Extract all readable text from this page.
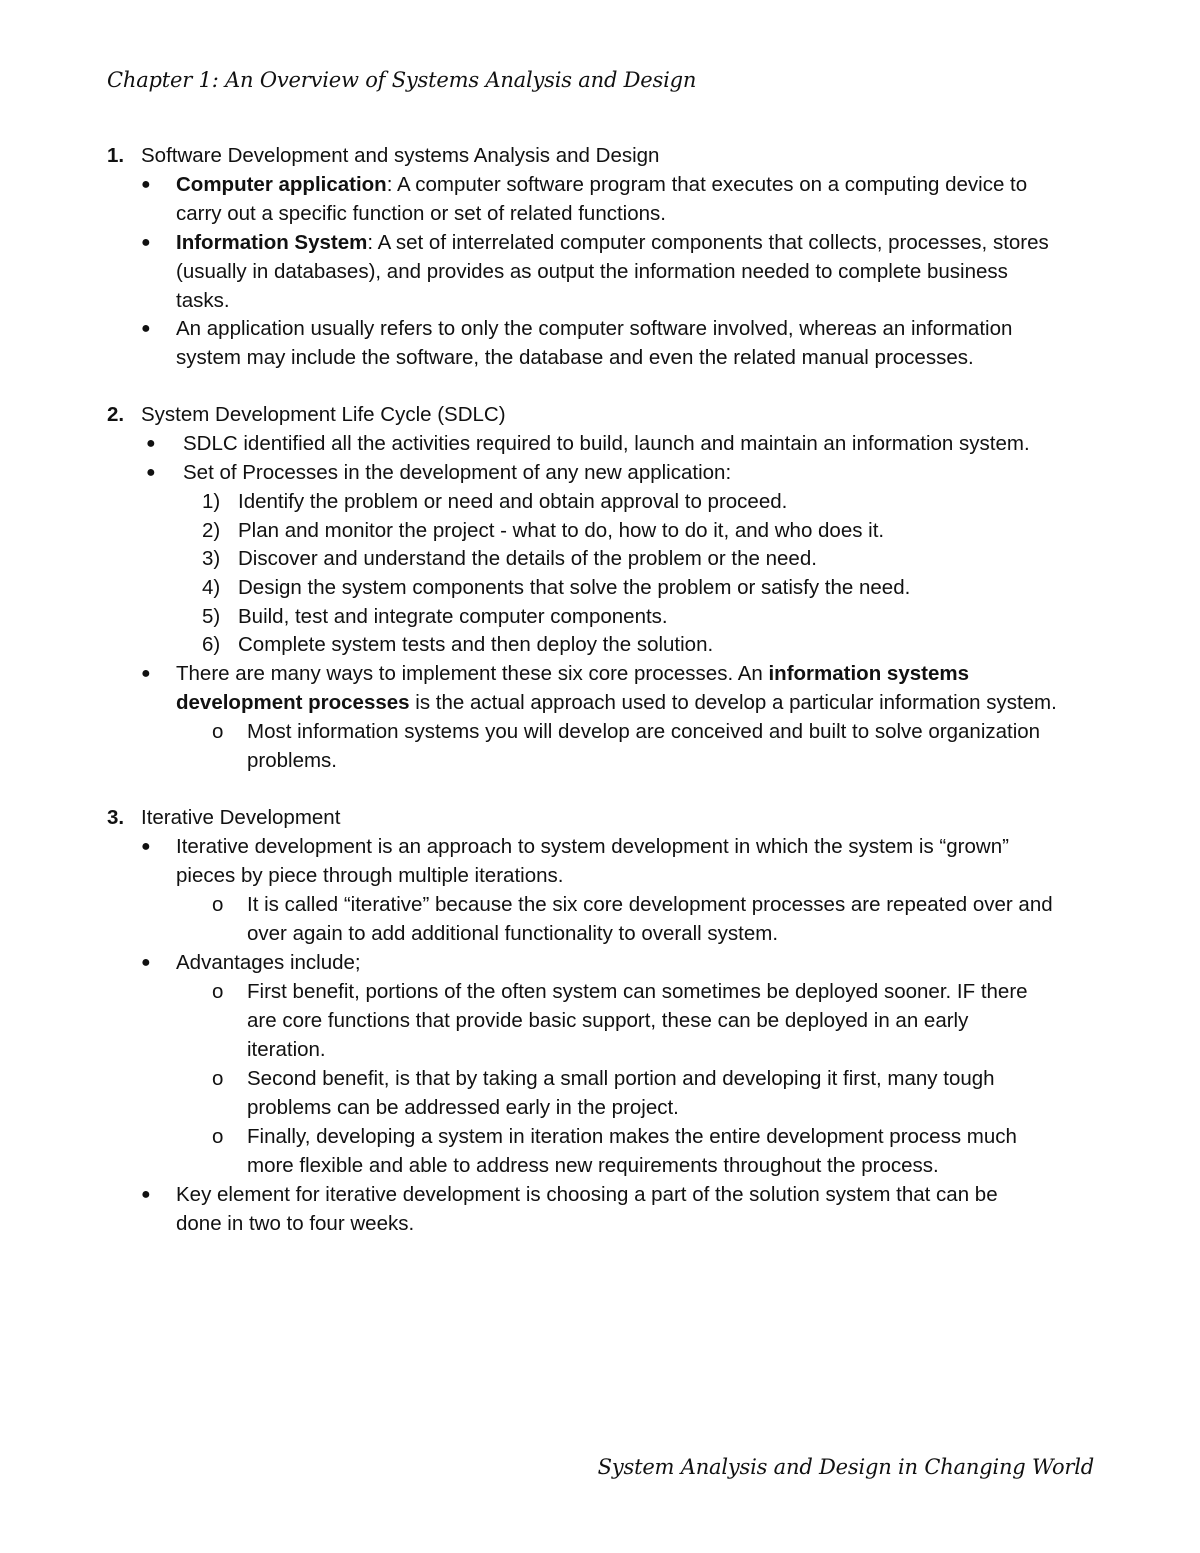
Chapter 1: An Overview of Systems Analysis and Design
1. Software Development and systems Analysis and Design
● Computer application: A computer software program that executes on a computing device to
carry out a specific function or set of related functions.
● Information System: A set of interrelated computer components that collects, processes, stores
(usually in databases), and provides as output the information needed to complete business
tasks.
● An application usually refers to only the computer software involved, whereas an information
system may include the software, the database and even the related manual processes.
2. System Development Life Cycle (SDLC)
● SDLC identified all the activities required to build, launch and maintain an information system.
● Set of Processes in the development of any new application:
1) Identify the problem or need and obtain approval to proceed.
2) Plan and monitor the project - what to do, how to do it, and who does it.
3) Discover and understand the details of the problem or the need.
4) Design the system components that solve the problem or satisfy the need.
5) Build, test and integrate computer components.
6) Complete system tests and then deploy the solution.
● There are many ways to implement these six core processes. An information systems
development processes is the actual approach used to develop a particular information system.
o Most information systems you will develop are conceived and built to solve organization
problems.
3. Iterative Development
● Iterative development is an approach to system development in which the system is “grown”
pieces by piece through multiple iterations.
o It is called “iterative” because the six core development processes are repeated over and
over again to add additional functionality to overall system.
● Advantages include;
o First benefit, portions of the often system can sometimes be deployed sooner. IF there
are core functions that provide basic support, these can be deployed in an early
iteration.
o Second benefit, is that by taking a small portion and developing it first, many tough
problems can be addressed early in the project.
o Finally, developing a system in iteration makes the entire development process much
more flexible and able to address new requirements throughout the process.
● Key element for iterative development is choosing a part of the solution system that can be
done in two to four weeks.
System Analysis and Design in Changing World
